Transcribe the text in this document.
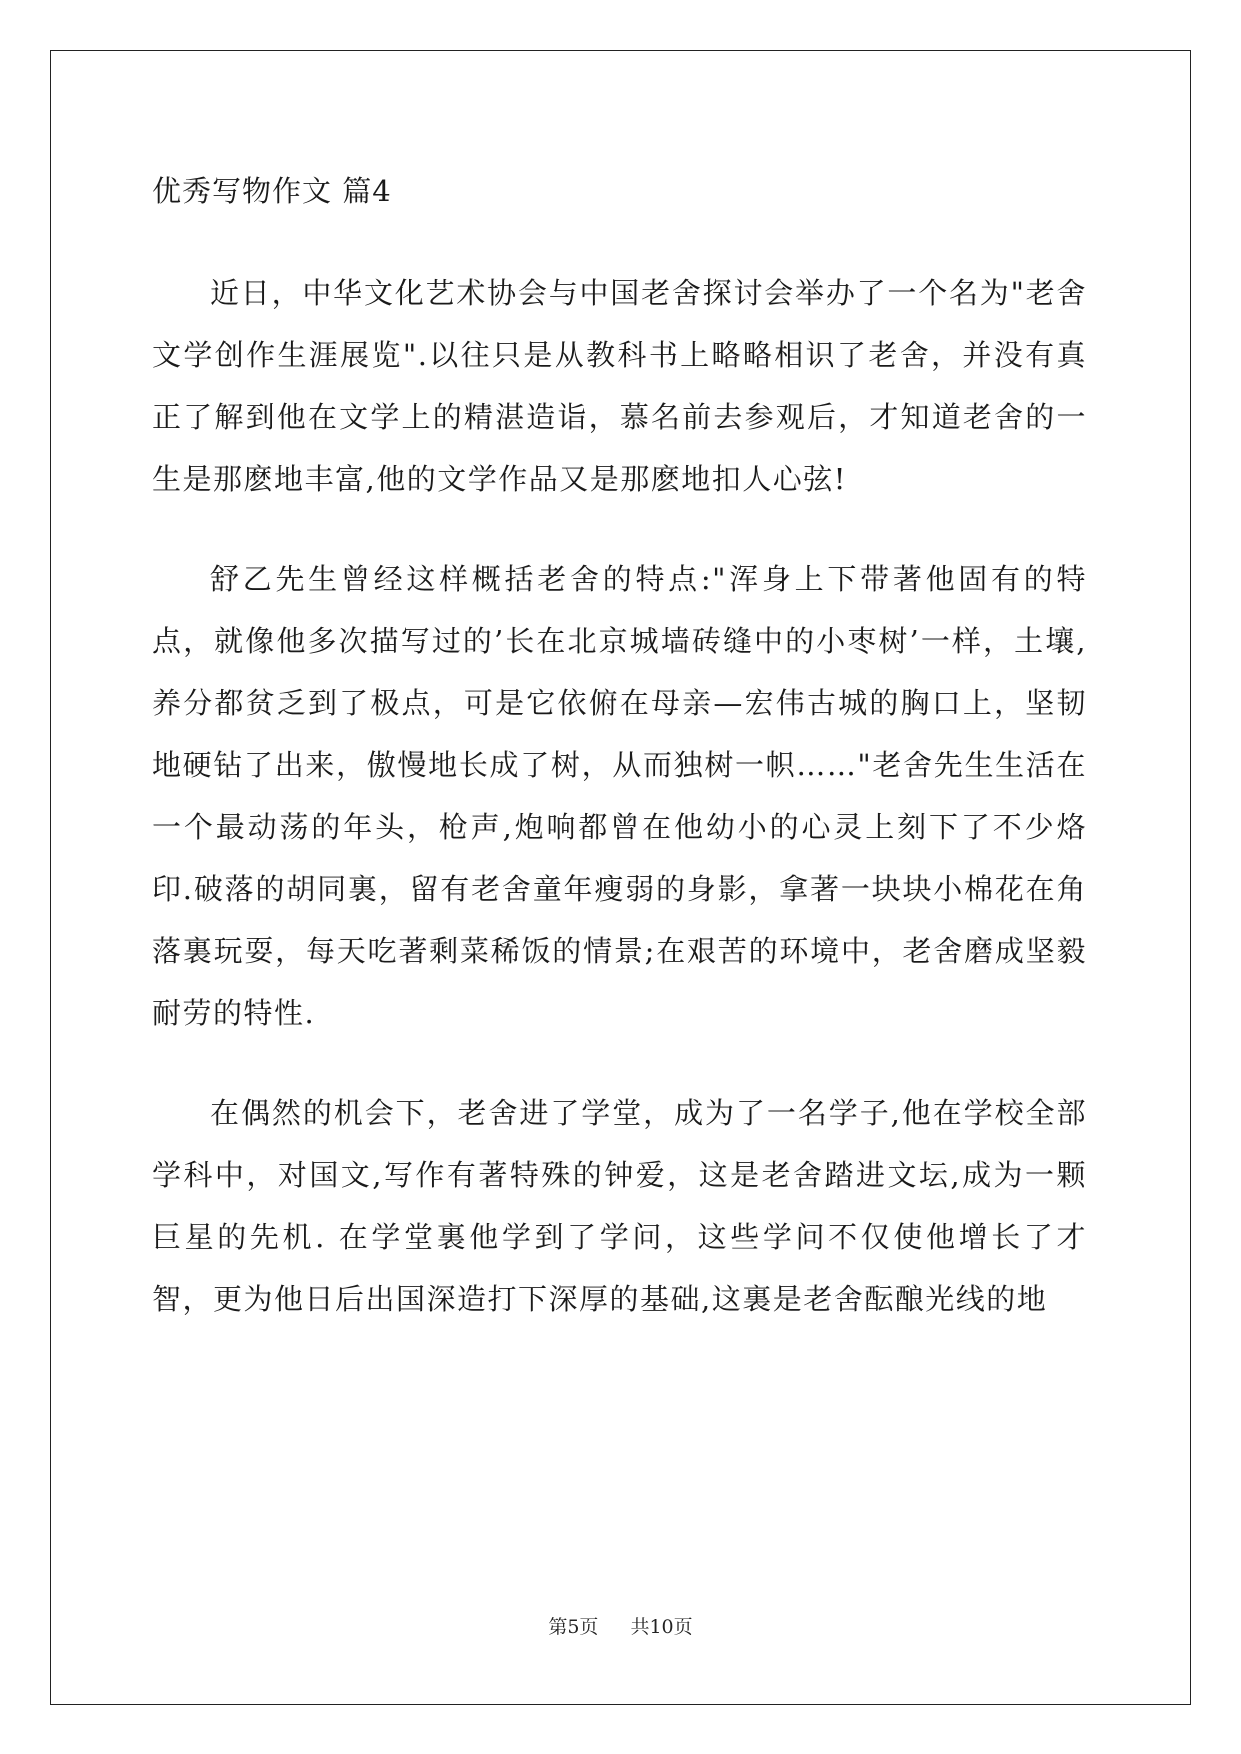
优秀写物作文 篇4

近日，中华文化艺术协会与中国老舍探讨会举办了一个名为"老舍文学创作生涯展览".以往只是从教科书上略略相识了老舍，并没有真正了解到他在文学上的精湛造诣，慕名前去参观后，才知道老舍的一生是那麽地丰富,他的文学作品又是那麽地扣人心弦!

舒乙先生曾经这样概括老舍的特点:"浑身上下带著他固有的特点，就像他多次描写过的’长在北京城墙砖缝中的小枣树’一样，土壤,养分都贫乏到了极点，可是它依俯在母亲—宏伟古城的胸口上，坚韧地硬钻了出来，傲慢地长成了树，从而独树一帜……"老舍先生生活在一个最动荡的年头，枪声,炮响都曾在他幼小的心灵上刻下了不少烙印.破落的胡同裏，留有老舍童年瘦弱的身影，拿著一块块小棉花在角落裏玩耍，每天吃著剩菜稀饭的情景;在艰苦的环境中，老舍磨成坚毅耐劳的特性.

在偶然的机会下，老舍进了学堂，成为了一名学子,他在学校全部学科中，对国文,写作有著特殊的钟爱，这是老舍踏进文坛,成为一颗巨星的先机. 在学堂裏他学到了学问，这些学问不仅使他增长了才智，更为他日后出国深造打下深厚的基础,这裏是老舍酝酿光线的地

第5页 共10页
